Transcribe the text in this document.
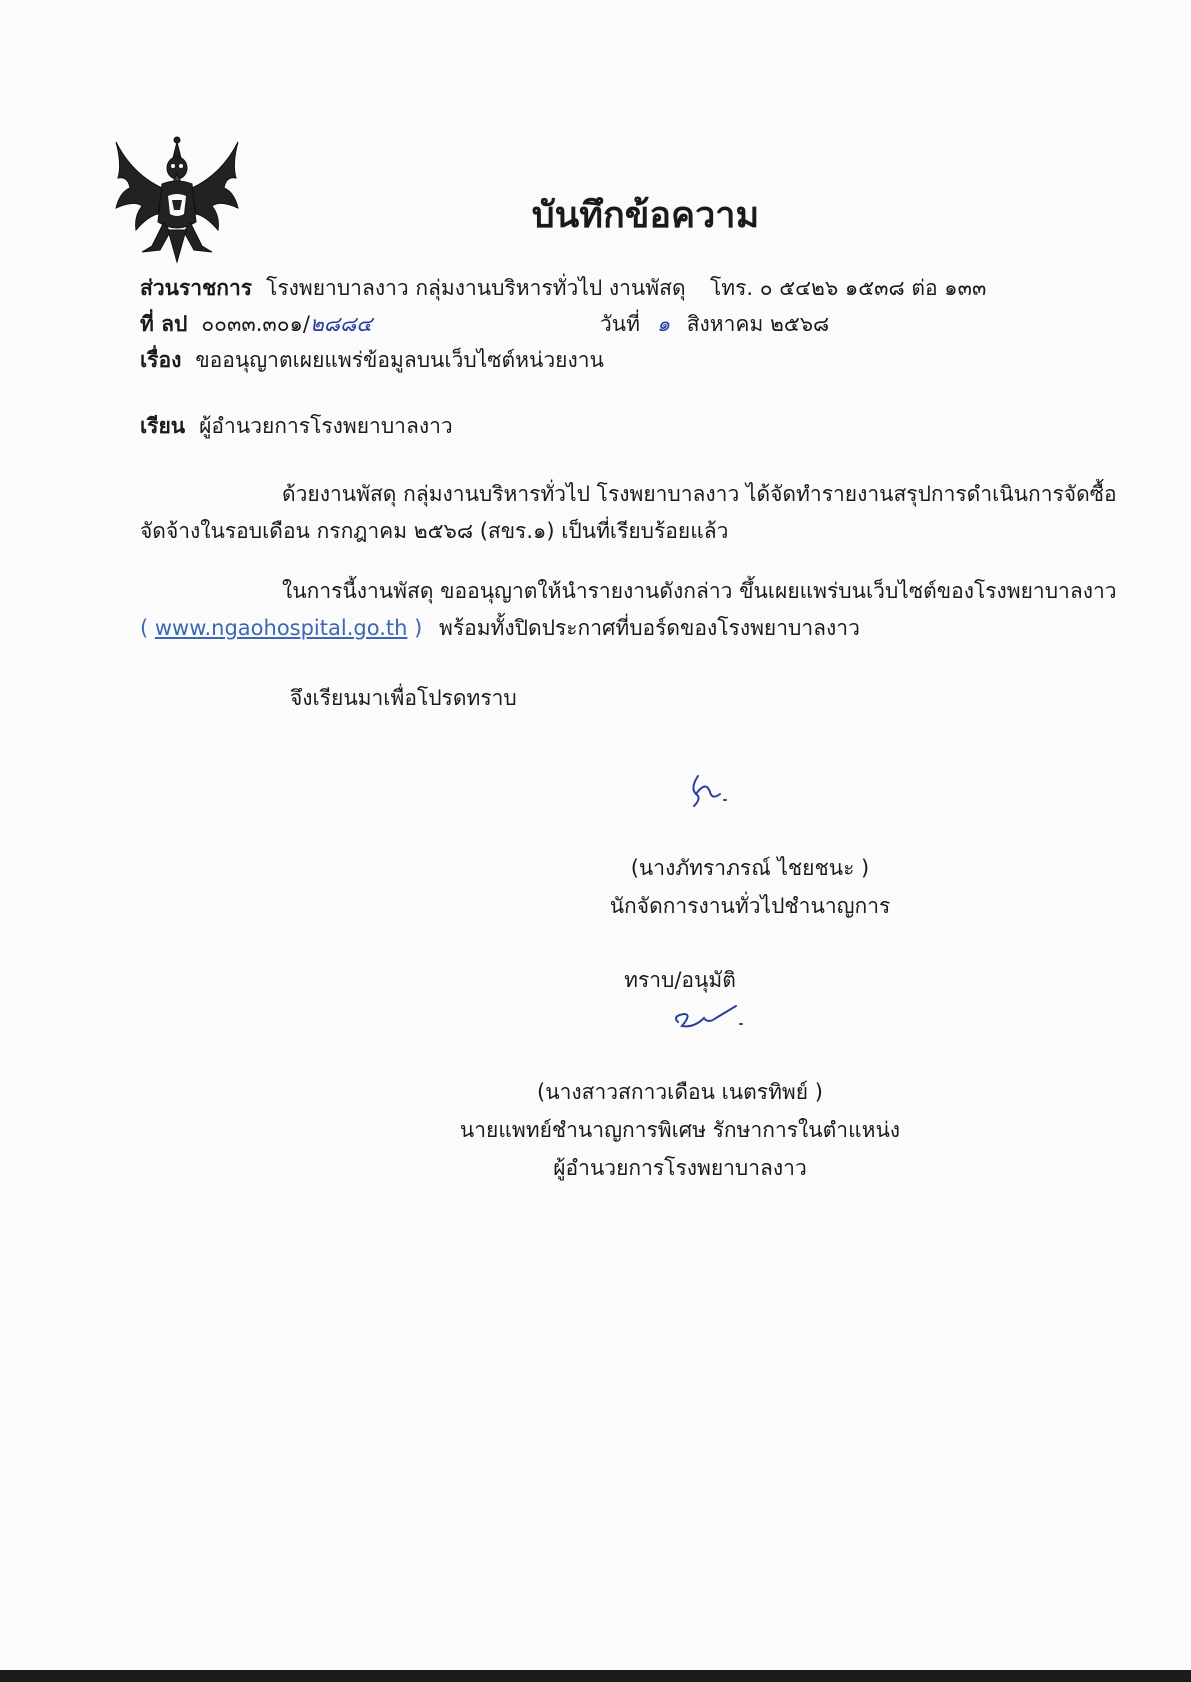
บันทึกข้อความ
ส่วนราชการ โรงพยาบาลงาว กลุ่มงานบริหารทั่วไป งานพัสดุ โทร. ๐ ๕๔๒๖ ๑๕๓๘ ต่อ ๑๓๓
ที่ ลป ๐๐๓๓.๓๐๑/๒๘๘๔	วันที่ ๑ สิงหาคม ๒๕๖๘
เรื่อง ขออนุญาตเผยแพร่ข้อมูลบนเว็บไซต์หน่วยงาน
เรียน ผู้อำนวยการโรงพยาบาลงาว
ด้วยงานพัสดุ กลุ่มงานบริหารทั่วไป โรงพยาบาลงาว ได้จัดทำรายงานสรุปการดำเนินการจัดซื้อ
จัดจ้างในรอบเดือน กรกฎาคม ๒๕๖๘ (สขร.๑) เป็นที่เรียบร้อยแล้ว
ในการนี้งานพัสดุ ขออนุญาตให้นำรายงานดังกล่าว ขึ้นเผยแพร่บนเว็บไซต์ของโรงพยาบาลงาว
( www.ngaohospital.go.th ) พร้อมทั้งปิดประกาศที่บอร์ดของโรงพยาบาลงาว
จึงเรียนมาเพื่อโปรดทราบ
(นางภัทราภรณ์ ไชยชนะ )
นักจัดการงานทั่วไปชำนาญการ
ทราบ/อนุมัติ
(นางสาวสกาวเดือน เนตรทิพย์ )
นายแพทย์ชำนาญการพิเศษ รักษาการในตำแหน่ง
ผู้อำนวยการโรงพยาบาลงาว
